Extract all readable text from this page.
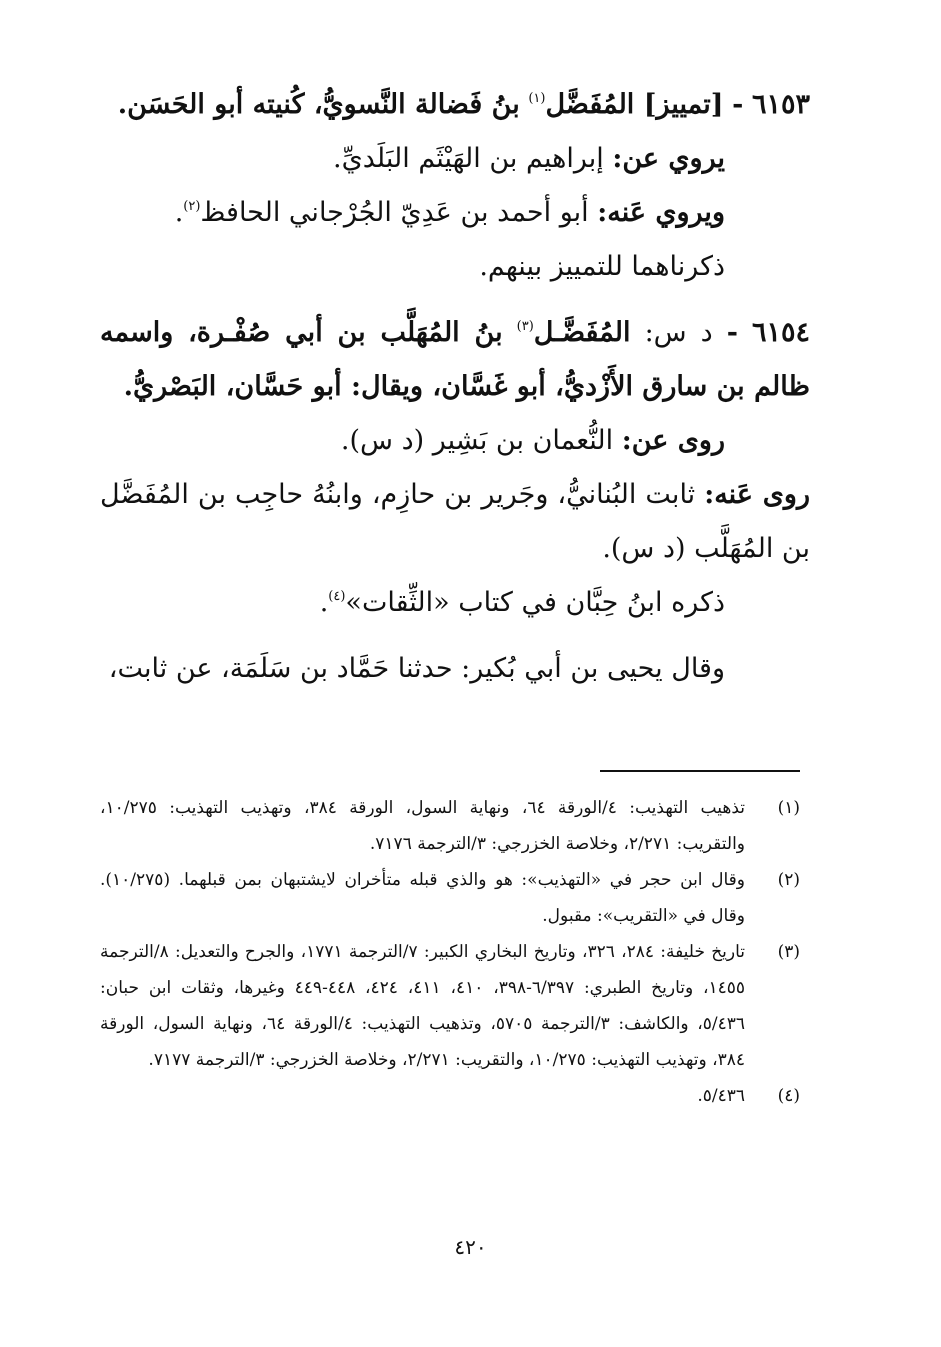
٦١٥٣ - [تمييز] المُفَضَّل$^{(١)}$ بنُ فَضالة النَّسويُّ، كُنيته أبو الحَسَن.

يروي عن: إبراهيم بن الهَيْثَم البَلَديِّ.

ويروي عَنه: أبو أحمد بن عَدِيّ الجُرْجاني الحافظ$^{(٢)}$.

ذكرناهما للتمييز بينهم.

٦١٥٤ - د س: المُفَضَّـل$^{(٣)}$ بنُ المُهَلَّب بن أبي صُفْـرة، واسمه ظالم بن سارق الأَزْديُّ، أبو غَسَّان، ويقال: أبو حَسَّان، البَصْريُّ.

روى عن: النُّعمان بن بَشِير (د س).

روى عَنه: ثابت البُنانيُّ، وجَرير بن حازِم، وابنُهُ حاجِب بن المُفَضَّل بن المُهَلَّب (د س).

ذكره ابنُ حِبَّان في كتاب «الثِّقات»$^{(٤)}$.

وقال يحيى بن أبي بُكير: حدثنا حَمَّاد بن سَلَمَة، عن ثابت،

(١)
تذهيب التهذيب: ٤/الورقة ٦٤، ونهاية السول، الورقة ٣٨٤، وتهذيب التهذيب: ١٠/٢٧٥، والتقريب: ٢/٢٧١، وخلاصة الخزرجي: ٣/الترجمة ٧١٧٦.
(٢)
وقال ابن حجر في «التهذيب»: هو والذي قبله متأخران لايشتبهان بمن قبلهما. (١٠/٢٧٥). وقال في «التقريب»: مقبول.
(٣)
تاريخ خليفة: ٢٨٤، ٣٢٦، وتاريخ البخاري الكبير: ٧/الترجمة ١٧٧١، والجرح والتعديل: ٨/الترجمة ١٤٥٥، وتاريخ الطبري: ٦/٣٩٧-٣٩٨، ٤١٠، ٤١١، ٤٢٤، ٤٤٨-٤٤٩ وغيرها، وثقات ابن حبان: ٥/٤٣٦، والكاشف: ٣/الترجمة ٥٧٠٥، وتذهيب التهذيب: ٤/الورقة ٦٤، ونهاية السول، الورقة ٣٨٤، وتهذيب التهذيب: ١٠/٢٧٥، والتقريب: ٢/٢٧١، وخلاصة الخزرجي: ٣/الترجمة ٧١٧٧.
(٤)
٥/٤٣٦.
٤٢٠
